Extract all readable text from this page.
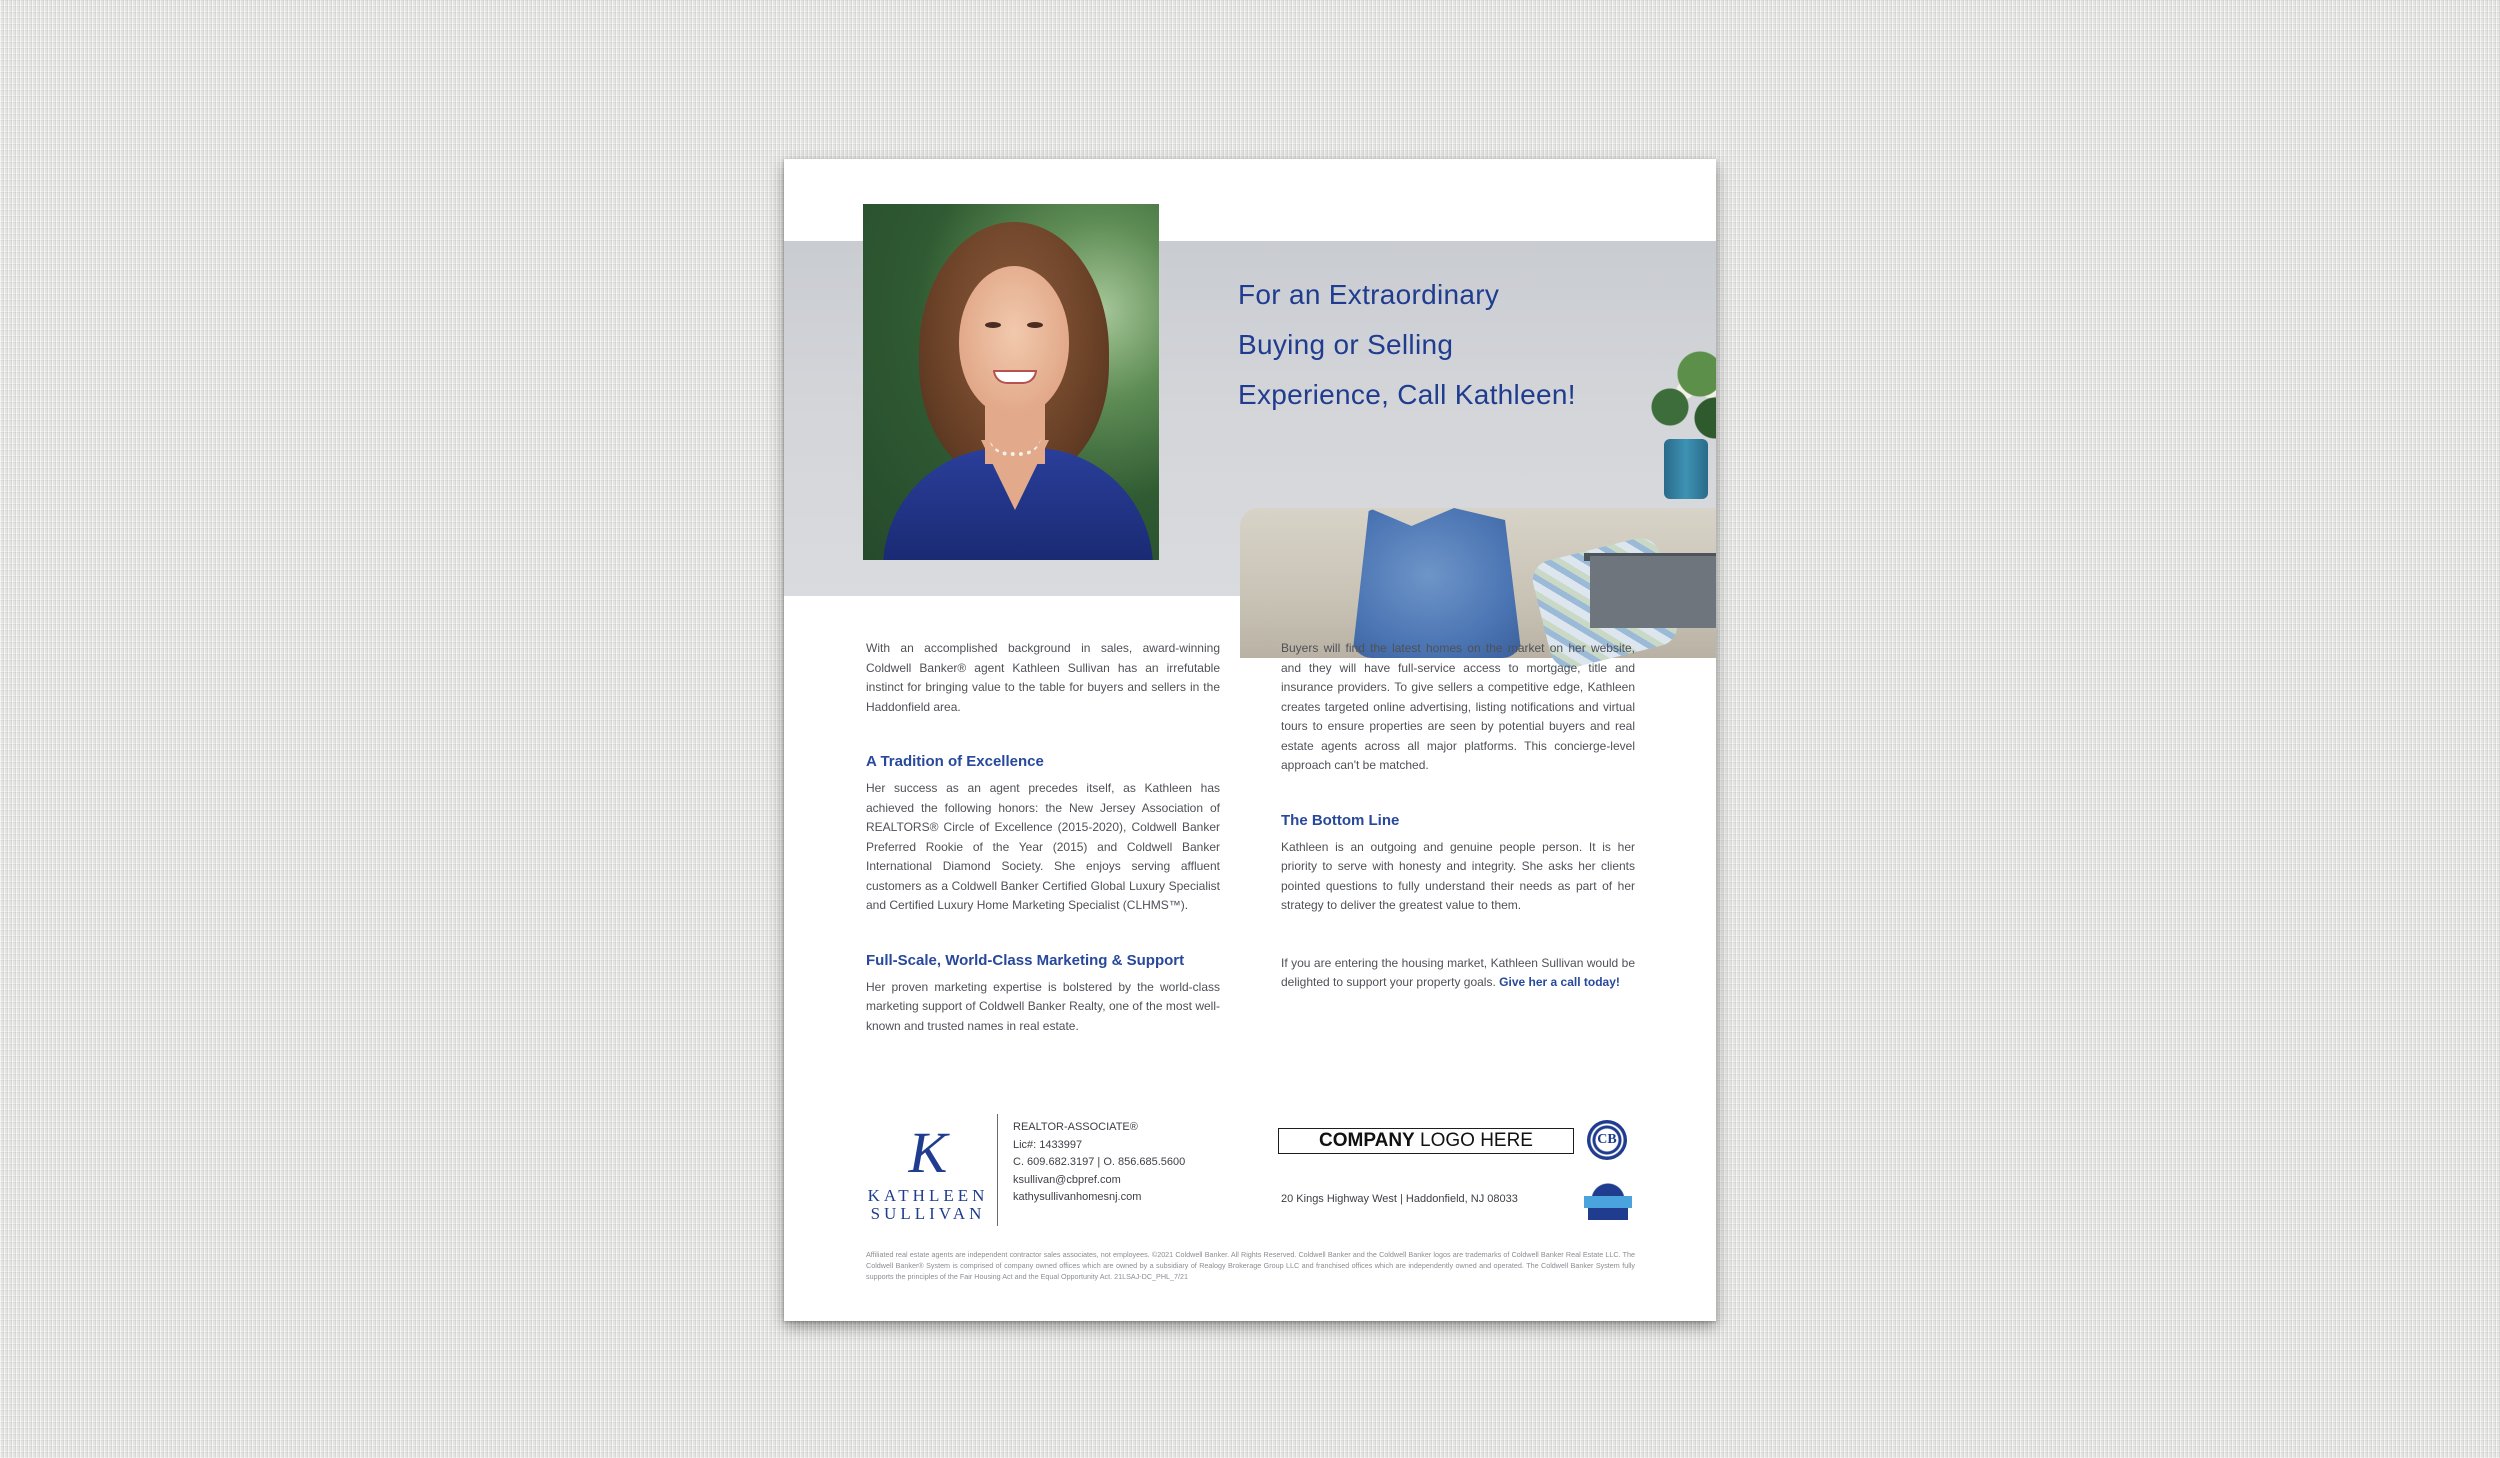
For an Extraordinary
Buying or Selling
Experience, Call Kathleen!

With an accomplished background in sales, award-winning Coldwell Banker® agent Kathleen Sullivan has an irrefutable instinct for bringing value to the table for buyers and sellers in the Haddonfield area.

A Tradition of Excellence

Her success as an agent precedes itself, as Kathleen has achieved the following honors: the New Jersey Association of REALTORS® Circle of Excellence (2015-2020), Coldwell Banker Preferred Rookie of the Year (2015) and Coldwell Banker International Diamond Society. She enjoys serving affluent customers as a Coldwell Banker Certified Global Luxury Specialist and Certified Luxury Home Marketing Specialist (CLHMS™).

Full-Scale, World-Class Marketing & Support

Her proven marketing expertise is bolstered by the world-class marketing support of Coldwell Banker Realty, one of the most well-known and trusted names in real estate.

Buyers will find the latest homes on the market on her website, and they will have full-service access to mortgage, title and insurance providers. To give sellers a competitive edge, Kathleen creates targeted online advertising, listing notifications and virtual tours to ensure properties are seen by potential buyers and real estate agents across all major platforms. This concierge-level approach can't be matched.

The Bottom Line

Kathleen is an outgoing and genuine people person. It is her priority to serve with honesty and integrity. She asks her clients pointed questions to fully understand their needs as part of her strategy to deliver the greatest value to them.

If you are entering the housing market, Kathleen Sullivan would be delighted to support your property goals. Give her a call today!

K
KATHLEEN
SULLIVAN
REALTOR-ASSOCIATE®
Lic#: 1433997
C. 609.682.3197 | O. 856.685.5600
ksullivan@cbpref.com
kathysullivanhomesnj.com
COMPANY LOGO HERE	CB
20 Kings Highway West | Haddonfield, NJ 08033
Affiliated real estate agents are independent contractor sales associates, not employees. ©2021 Coldwell Banker. All Rights Reserved. Coldwell Banker and the Coldwell Banker logos are trademarks of Coldwell Banker Real Estate LLC. The Coldwell Banker® System is comprised of company owned offices which are owned by a subsidiary of Realogy Brokerage Group LLC and franchised offices which are independently owned and operated. The Coldwell Banker System fully supports the principles of the Fair Housing Act and the Equal Opportunity Act. 21LSAJ-DC_PHL_7/21
